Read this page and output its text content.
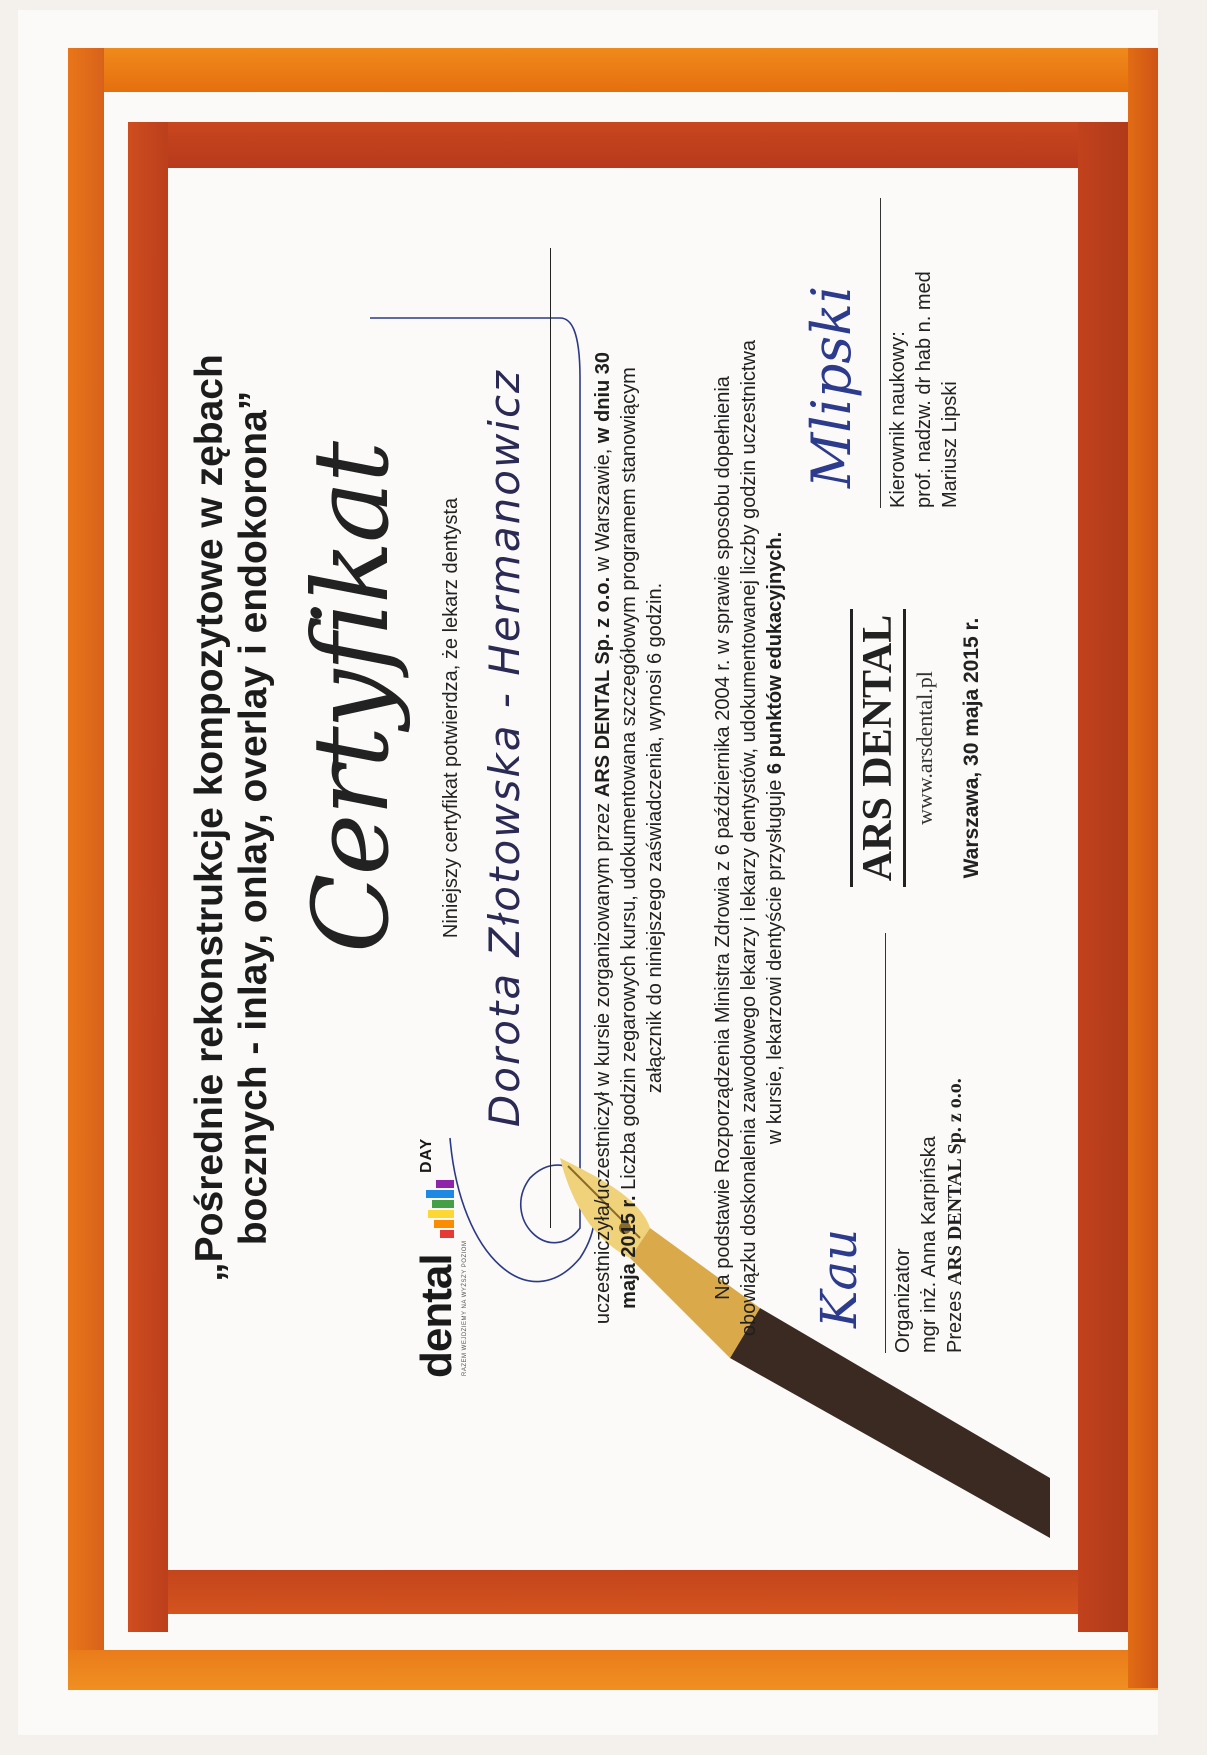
„Pośrednie rekonstrukcje kompozytowe w zębach bocznych - inlay, onlay, overlay i endokorona” Certyfikat
dental
DAY
RAZEM WEJDZIEMY NA WYŻSZY POZIOM
Niniejszy certyfikat potwierdza, że lekarz dentysta Dorota Złotowska - Hermanowicz	uczestniczyła/uczestniczył w kursie zorganizowanym przez ARS DENTAL Sp. z o.o. w Warszawie, w dniu 30 maja 2015 r. Liczba godzin zegarowych kursu, udokumentowana szczegółowym programem stanowiącym załącznik do niniejszego zaświadczenia, wynosi 6 godzin. Na podstawie Rozporządzenia Ministra Zdrowia z 6 października 2004 r. w sprawie sposobu dopełnienia obowiązku doskonalenia zawodowego lekarzy i lekarzy dentystów, udokumentowanej liczby godzin uczestnictwa w kursie, lekarzowi dentyście przysługuje 6 punktów edukacyjnych.
Kau Organizator mgr inż. Anna Karpińska Prezes ARS DENTAL Sp. z o.o.
ARS DENTAL www.arsdental.pl Warszawa, 30 maja 2015 r.
Mlipski Kierownik naukowy: prof. nadzw. dr hab n. med Mariusz Lipski
